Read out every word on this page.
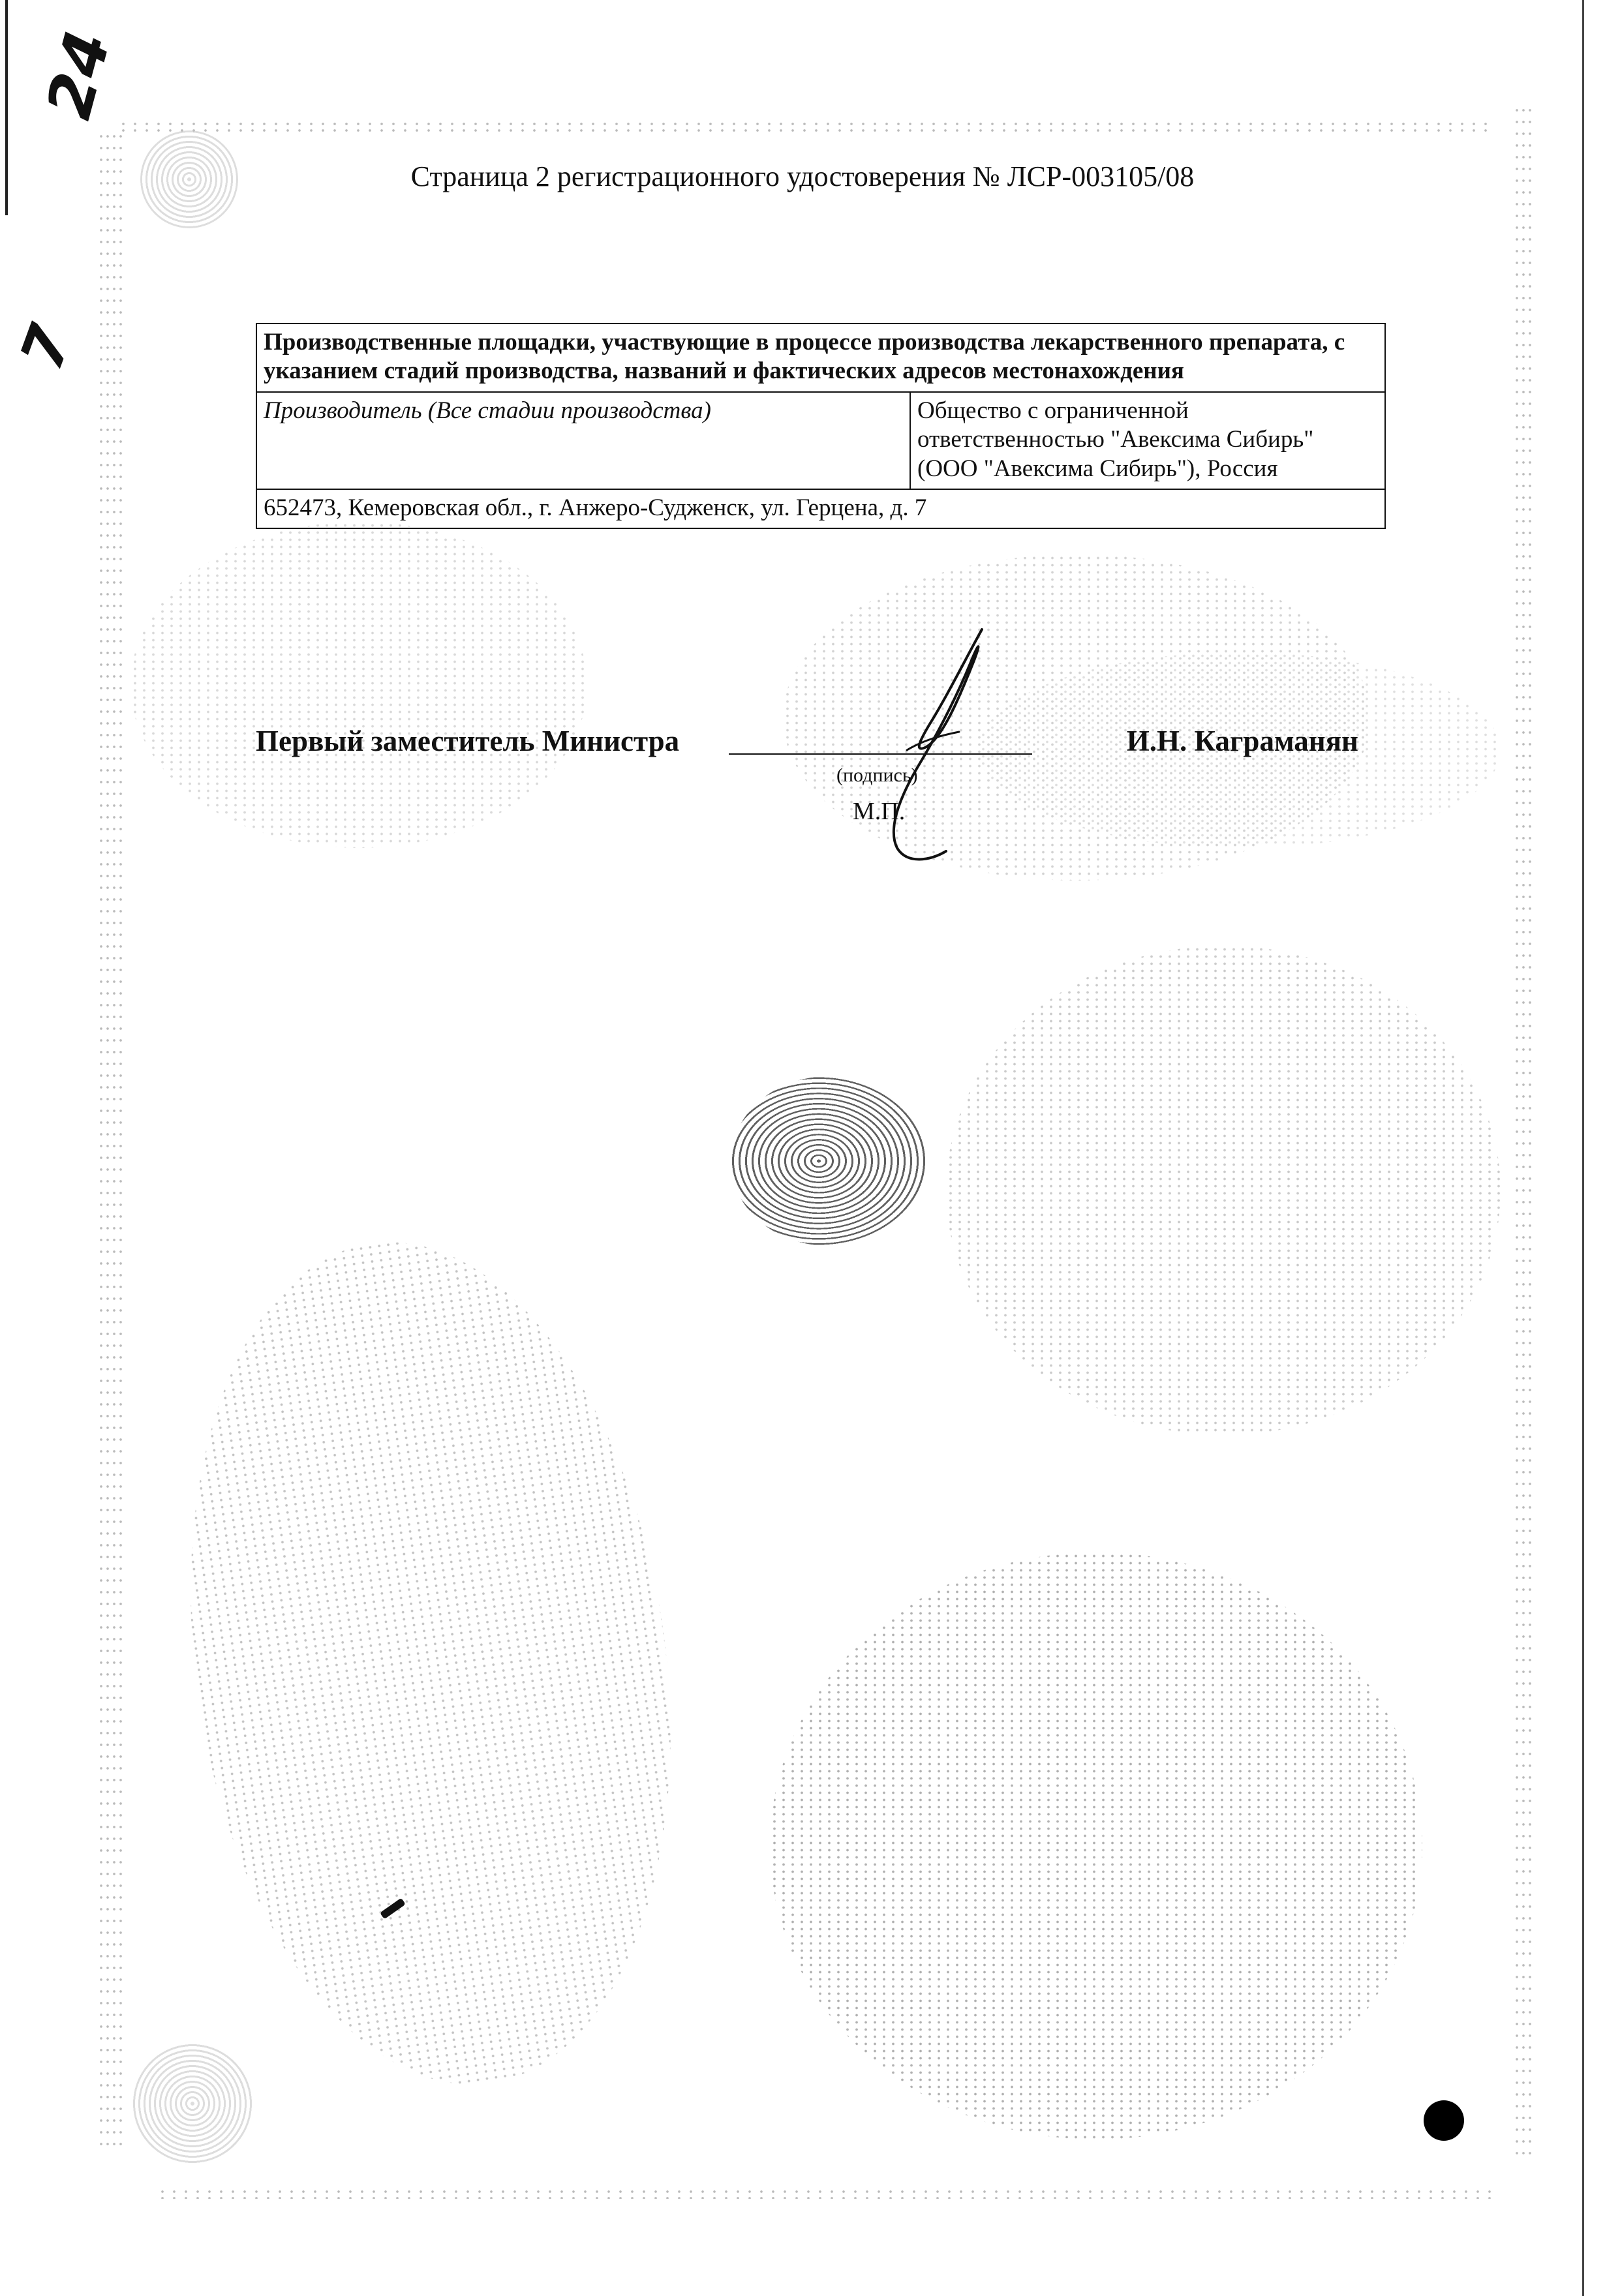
24
7
Страница 2 регистрационного удостоверения № ЛСР-003105/08
Производственные площадки, участвующие в процессе производства лекарственного препарата, с указанием стадий производства, названий и фактических адресов местонахождения
Производитель (Все стадии производства)	Общество с ограниченной ответственностью "Авексима Сибирь" (ООО "Авексима Сибирь"), Россия
652473, Кемеровская обл., г. Анжеро-Судженск, ул. Герцена, д. 7
Первый заместитель Министра
(подпись)
М.П.
И.Н. Каграманян
